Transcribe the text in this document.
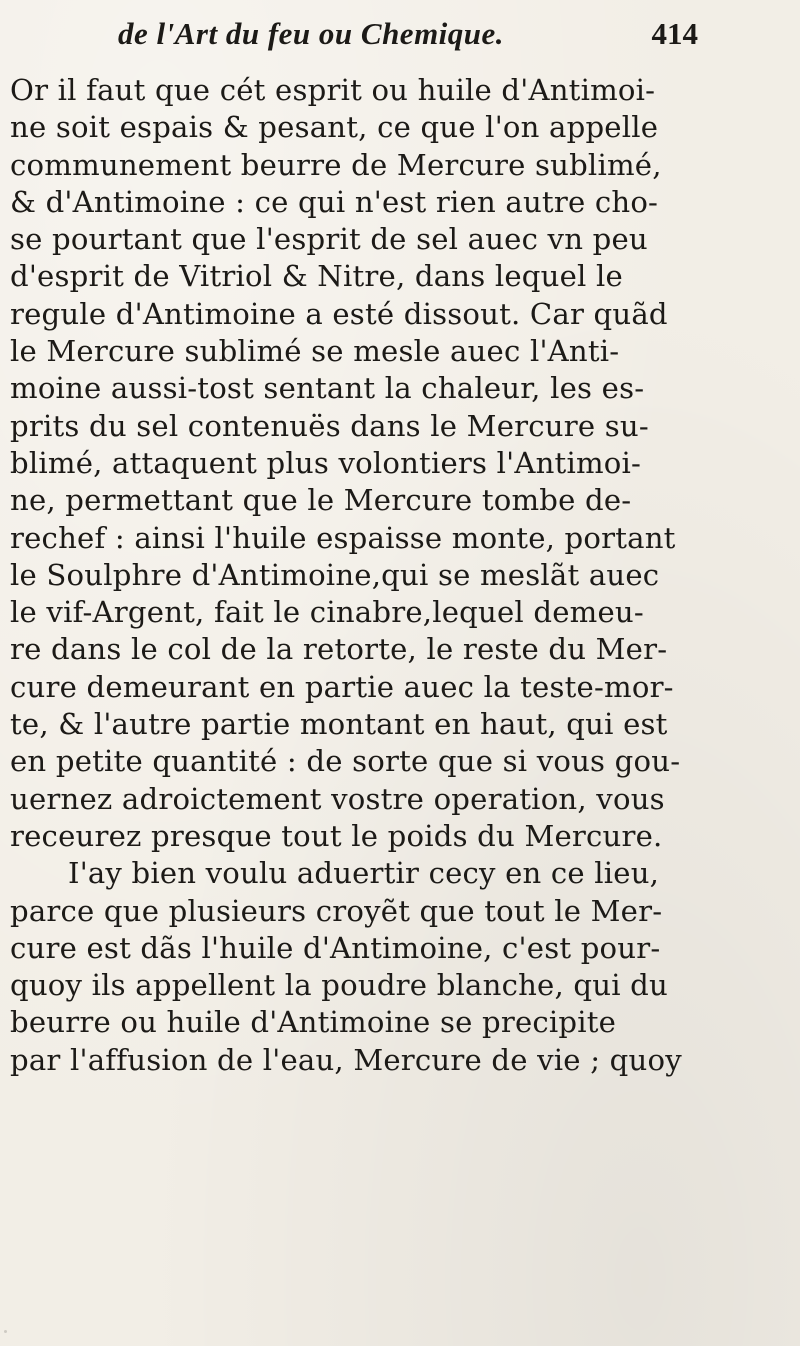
de l'Art du feu ou Chemique.	414
Or il faut que cét esprit ou huile d'Antimoi-
ne soit espais & pesant, ce que l'on appelle
communement beurre de Mercure sublimé,
& d'Antimoine : ce qui n'est rien autre cho-
se pourtant que l'esprit de sel auec vn peu
d'esprit de Vitriol & Nitre, dans lequel le
regule d'Antimoine a esté dissout. Car quãd
le Mercure sublimé se mesle auec l'Anti-
moine aussi-tost sentant la chaleur, les es-
prits du sel contenuës dans le Mercure su-
blimé, attaquent plus volontiers l'Antimoi-
ne, permettant que le Mercure tombe de-
rechef : ainsi l'huile espaisse monte, portant
le Soulphre d'Antimoine,qui se meslãt auec
le vif-Argent, fait le cinabre,lequel demeu-
re dans le col de la retorte, le reste du Mer-
cure demeurant en partie auec la teste-mor-
te, & l'autre partie montant en haut, qui est
en petite quantité : de sorte que si vous gou-
uernez adroictement vostre operation, vous
receurez presque tout le poids du Mercure.
I'ay bien voulu aduertir cecy en ce lieu,
parce que plusieurs croyẽt que tout le Mer-
cure est dãs l'huile d'Antimoine, c'est pour-
quoy ils appellent la poudre blanche, qui du
beurre ou huile d'Antimoine se precipite
par l'affusion de l'eau, Mercure de vie ; quoy
